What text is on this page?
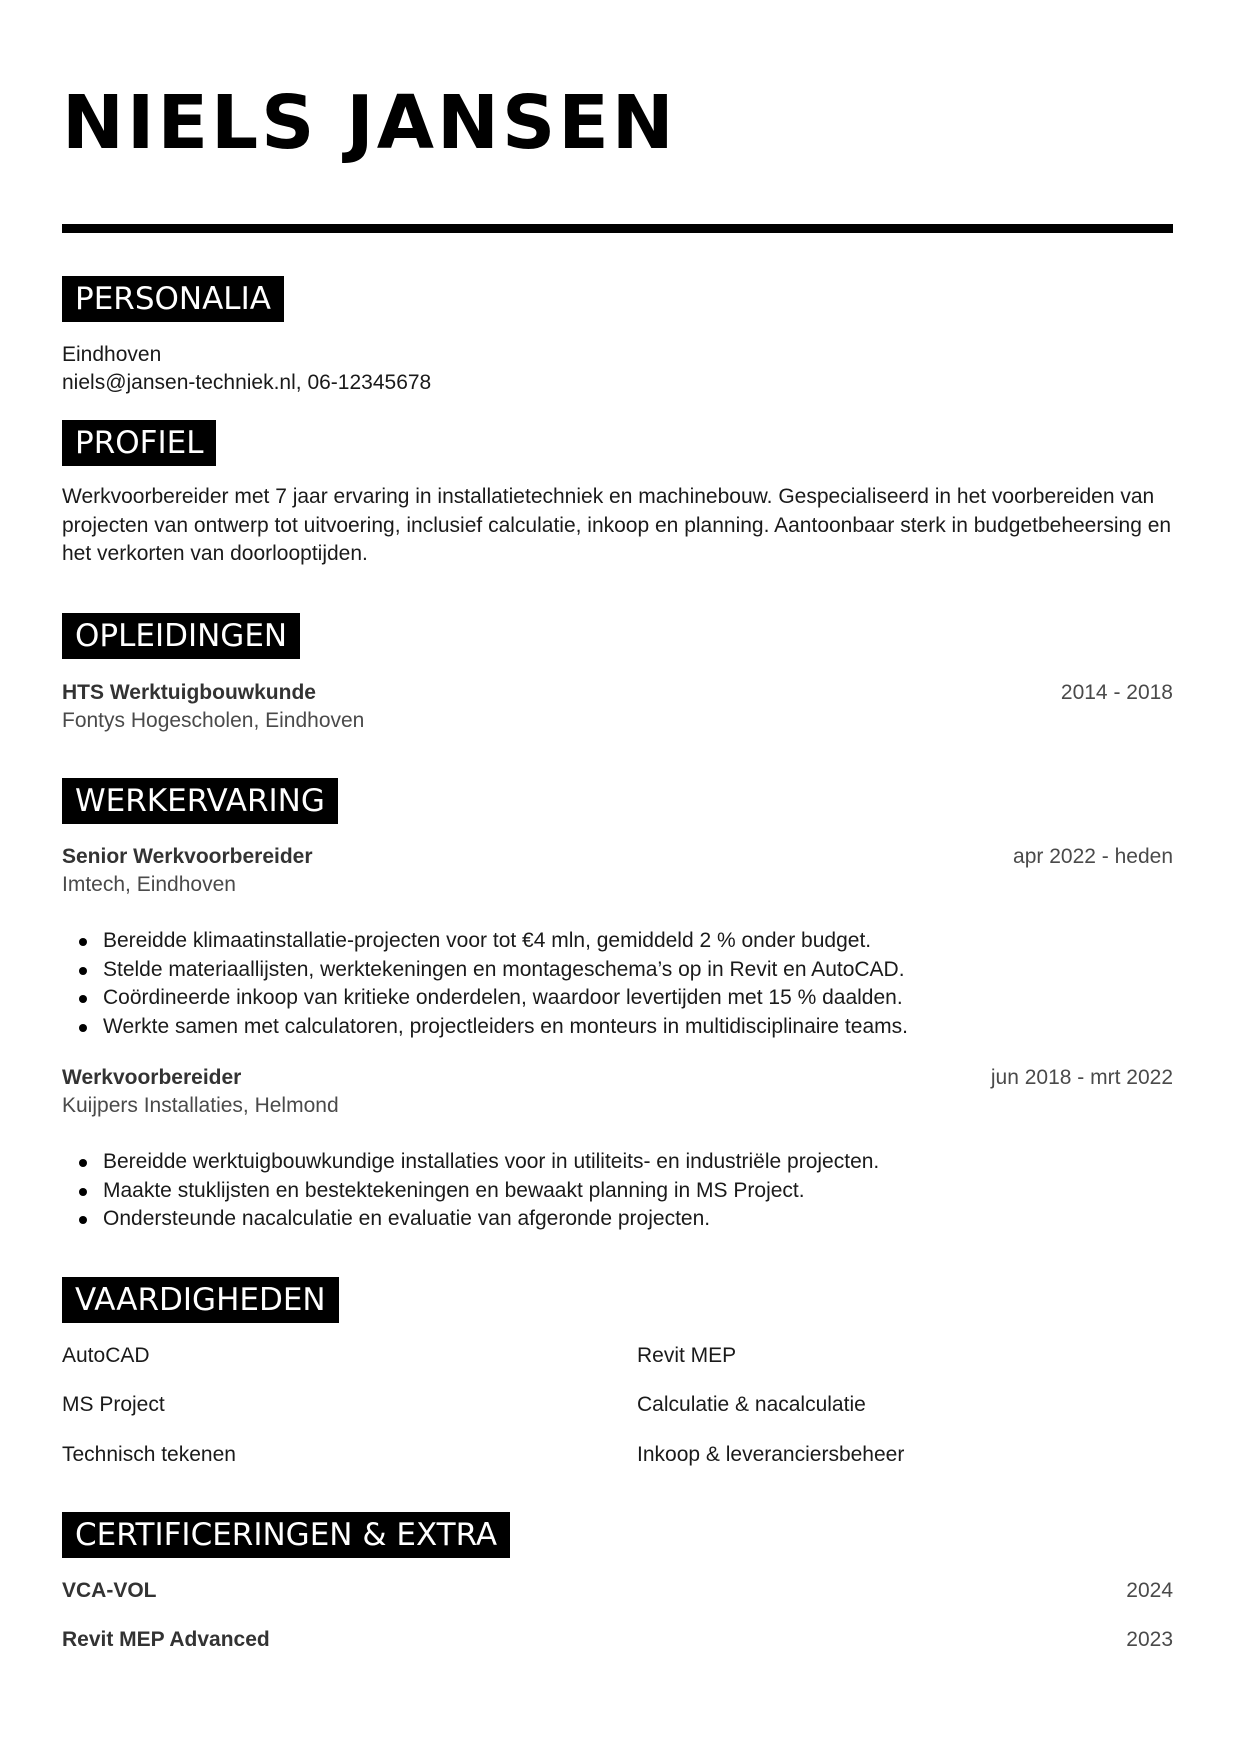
NIELS JANSEN
PERSONALIA
Eindhoven
niels@jansen-techniek.nl, 06-12345678
PROFIEL

Werkvoorbereider met 7 jaar ervaring in installatietechniek en machinebouw. Gespecialiseerd in het voorbereiden van projecten van ontwerp tot uitvoering, inclusief calculatie, inkoop en planning. Aantoonbaar sterk in budgetbeheersing en het verkorten van doorlooptijden.

OPLEIDINGEN
HTS Werktuigbouwkunde	2014 - 2018
Fontys Hogescholen, Eindhoven
WERKERVARING
Senior Werkvoorbereider	apr 2022 - heden
Imtech, Eindhoven
Bereidde klimaatinstallatie-projecten voor tot €4 mln, gemiddeld 2 % onder budget.
Stelde materiaallijsten, werktekeningen en montageschema’s op in Revit en AutoCAD.
Coördineerde inkoop van kritieke onderdelen, waardoor levertijden met 15 % daalden.
Werkte samen met calculatoren, projectleiders en monteurs in multidisciplinaire teams.
Werkvoorbereider	jun 2018 - mrt 2022
Kuijpers Installaties, Helmond
Bereidde werktuigbouwkundige installaties voor in utiliteits- en industriële projecten.
Maakte stuklijsten en bestektekeningen en bewaakt planning in MS Project.
Ondersteunde nacalculatie en evaluatie van afgeronde projecten.
VAARDIGHEDEN
AutoCAD	Revit MEP
MS Project	Calculatie & nacalculatie
Technisch tekenen	Inkoop & leveranciersbeheer
CERTIFICERINGEN & EXTRA
VCA-VOL	2024
Revit MEP Advanced	2023
